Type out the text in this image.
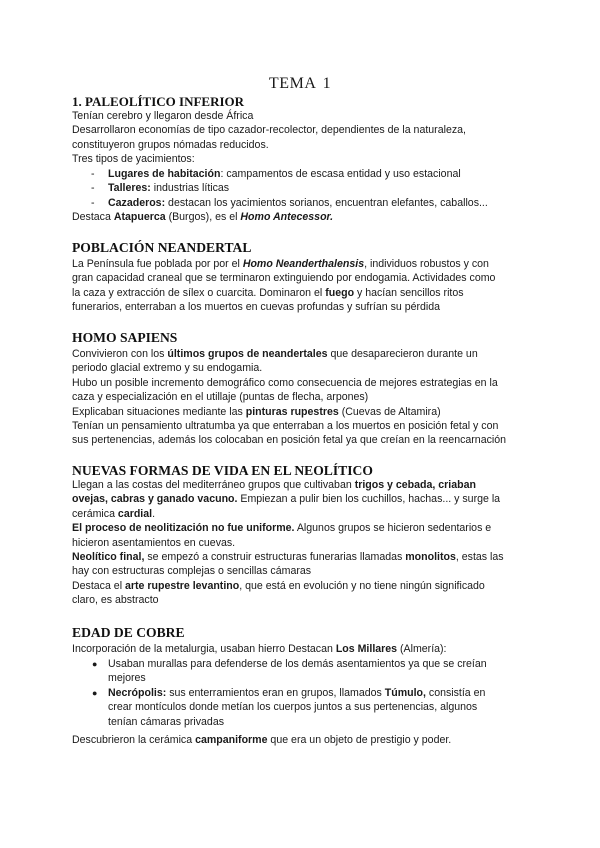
TEMA 1
1. PALEOLÍTICO INFERIOR
Tenían cerebro y llegaron desde África
Desarrollaron economías de tipo cazador-recolector, dependientes de la naturaleza,
constituyeron grupos nómadas reducidos.
Tres tipos de yacimientos:
- Lugares de habitación: campamentos de escasa entidad y uso estacional
- Talleres: industrias líticas
- Cazaderos: destacan los yacimientos sorianos, encuentran elefantes, caballos...
Destaca Atapuerca (Burgos), es el Homo Antecessor.
POBLACIÓN NEANDERTAL
La Península fue poblada por por el Homo Neanderthalensis, individuos robustos y con
gran capacidad craneal que se terminaron extinguiendo por endogamia. Actividades como
la caza y extracción de sílex o cuarcita. Dominaron el fuego y hacían sencillos ritos
funerarios, enterraban a los muertos en cuevas profundas y sufrían su pérdida
HOMO SAPIENS
Convivieron con los últimos grupos de neandertales que desaparecieron durante un
periodo glacial extremo y su endogamia.
Hubo un posible incremento demográfico como consecuencia de mejores estrategias en la
caza y especialización en el utillaje (puntas de flecha, arpones)
Explicaban situaciones mediante las pinturas rupestres (Cuevas de Altamira)
Tenían un pensamiento ultratumba ya que enterraban a los muertos en posición fetal y con
sus pertenencias, además los colocaban en posición fetal ya que creían en la reencarnación
NUEVAS FORMAS DE VIDA EN EL NEOLÍTICO
Llegan a las costas del mediterráneo grupos que cultivaban trigos y cebada, criaban
ovejas, cabras y ganado vacuno. Empiezan a pulir bien los cuchillos, hachas... y surge la
cerámica cardial.
El proceso de neolitización no fue uniforme. Algunos grupos se hicieron sedentarios e
hicieron asentamientos en cuevas.
Neolítico final, se empezó a construir estructuras funerarias llamadas monolitos, estas las
hay con estructuras complejas o sencillas cámaras
Destaca el arte rupestre levantino, que está en evolución y no tiene ningún significado
claro, es abstracto
EDAD DE COBRE
Incorporación de la metalurgia, usaban hierro Destacan Los Millares (Almería):
● Usaban murallas para defenderse de los demás asentamientos ya que se creían
mejores
● Necrópolis: sus enterramientos eran en grupos, llamados Túmulo, consistía en
crear montículos donde metían los cuerpos juntos a sus pertenencias, algunos
tenían cámaras privadas
Descubrieron la cerámica campaniforme que era un objeto de prestigio y poder.
